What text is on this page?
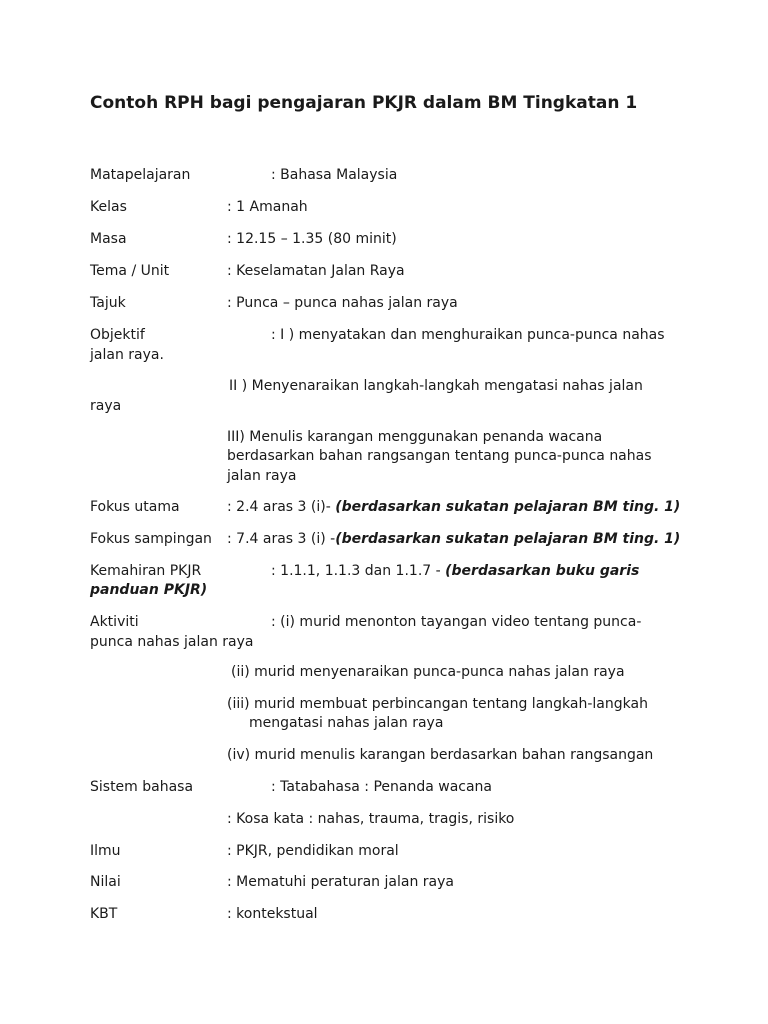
Contoh RPH bagi pengajaran PKJR dalam BM Tingkatan 1
Matapelajaran	: Bahasa Malaysia
Kelas	: 1 Amanah
Masa	: 12.15 – 1.35 (80 minit)
Tema / Unit	: Keselamatan Jalan Raya
Tajuk	: Punca – punca nahas jalan raya
Objektif	: I ) menyatakan dan menghuraikan punca-punca nahas
jalan raya.
II ) Menyenaraikan langkah-langkah mengatasi nahas jalan
raya
III) Menulis karangan menggunakan penanda wacana
berdasarkan bahan rangsangan tentang punca-punca nahas
jalan raya
Fokus utama	: 2.4 aras 3 (i)- (berdasarkan sukatan pelajaran BM ting. 1)
Fokus sampingan : 7.4 aras 3 (i) -(berdasarkan sukatan pelajaran BM ting. 1)
Kemahiran PKJR	: 1.1.1, 1.1.3 dan 1.1.7 - (berdasarkan buku garis
panduan PKJR)
Aktiviti	: (i) murid menonton tayangan video tentang punca-
punca nahas jalan raya
(ii) murid menyenaraikan punca-punca nahas jalan raya
(iii) murid membuat perbincangan tentang langkah-langkah
mengatasi nahas jalan raya
(iv) murid menulis karangan berdasarkan bahan rangsangan
Sistem bahasa	: Tatabahasa : Penanda wacana
: Kosa kata : nahas, trauma, tragis, risiko
Ilmu	: PKJR, pendidikan moral
Nilai	: Mematuhi peraturan jalan raya
KBT	: kontekstual
